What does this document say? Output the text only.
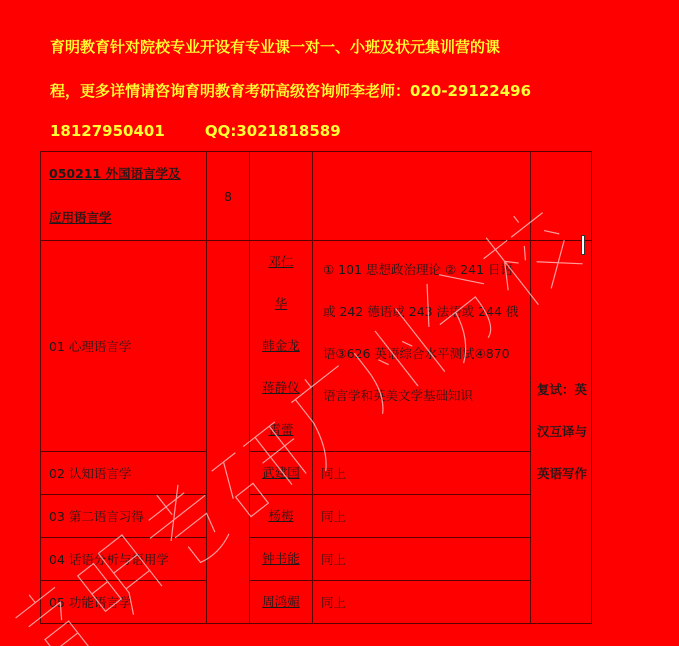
育明教育针对院校专业开设有专业课一对一、小班及状元集训营的课
程，更多详情请咨询育明教育考研高级咨询师李老师：020-29122496
18127950401	QQ:3021818589
050211 外国语言学及
应用语言学	8			
01 心理语言学		邓仁
华
韩金龙
蒋静仪
雷蕾	① 101 思想政治理论 ② 241 日语或 242 德语或 243 法语或 244 俄语③626 英语综合水平测试④870 语言学和英美文学基础知识	复试：英汉互译与英语写作
02 认知语言学		武建国	同上	
03 第二语言习得		杨梅	同上	
04 话语分析与语用学		钟书能	同上	
05 功能语言学		周鸿媚	同上	
